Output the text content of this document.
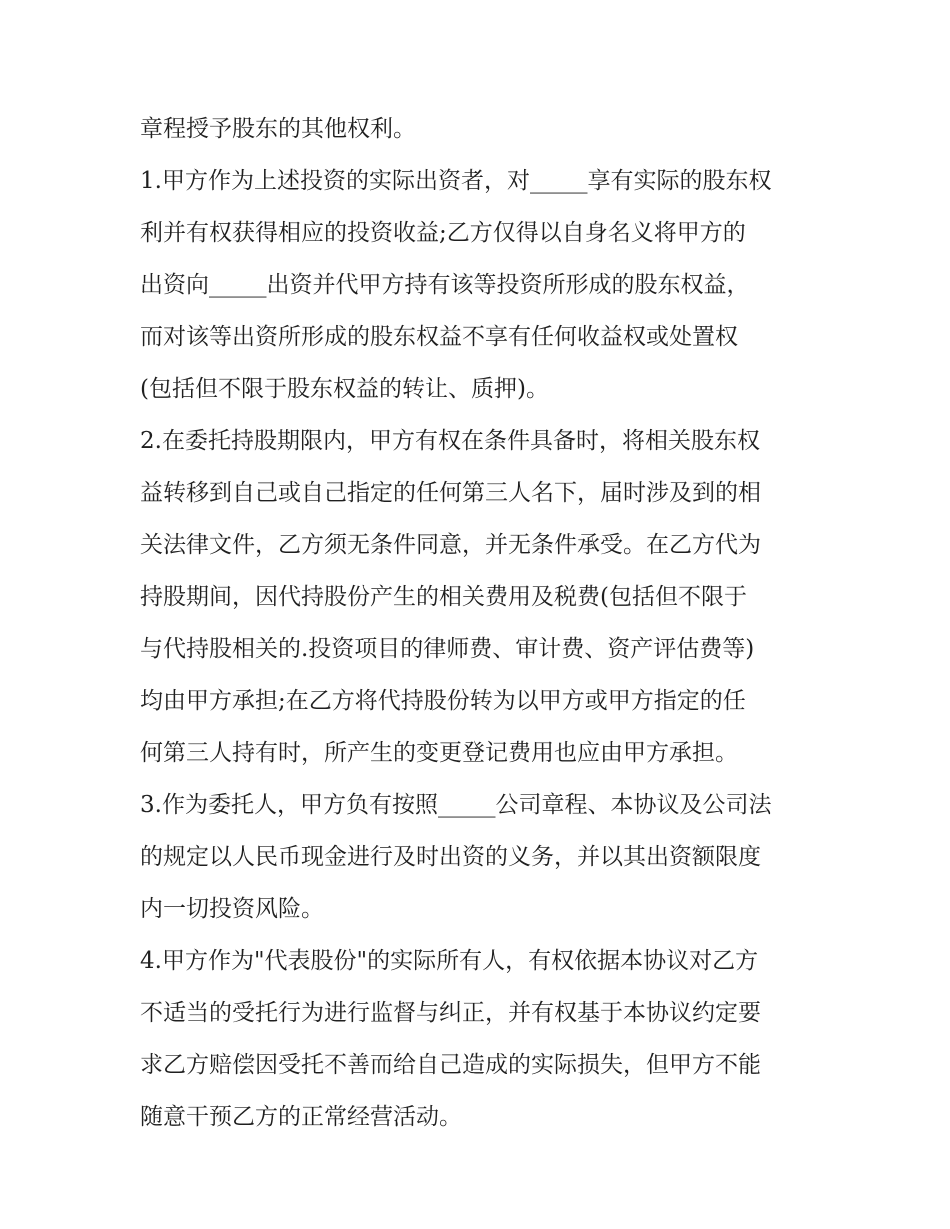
章程授予股东的其他权利。
1.甲方作为上述投资的实际出资者，对_____享有实际的股东权
利并有权获得相应的投资收益;乙方仅得以自身名义将甲方的
出资向_____出资并代甲方持有该等投资所形成的股东权益，
而对该等出资所形成的股东权益不享有任何收益权或处置权
(包括但不限于股东权益的转让、质押)。
2.在委托持股期限内，甲方有权在条件具备时，将相关股东权
益转移到自己或自己指定的任何第三人名下，届时涉及到的相
关法律文件，乙方须无条件同意，并无条件承受。在乙方代为
持股期间，因代持股份产生的相关费用及税费(包括但不限于
与代持股相关的.投资项目的律师费、审计费、资产评估费等)
均由甲方承担;在乙方将代持股份转为以甲方或甲方指定的任
何第三人持有时，所产生的变更登记费用也应由甲方承担。
3.作为委托人，甲方负有按照_____公司章程、本协议及公司法
的规定以人民币现金进行及时出资的义务，并以其出资额限度
内一切投资风险。
4.甲方作为"代表股份"的实际所有人，有权依据本协议对乙方
不适当的受托行为进行监督与纠正，并有权基于本协议约定要
求乙方赔偿因受托不善而给自己造成的实际损失，但甲方不能
随意干预乙方的正常经营活动。
